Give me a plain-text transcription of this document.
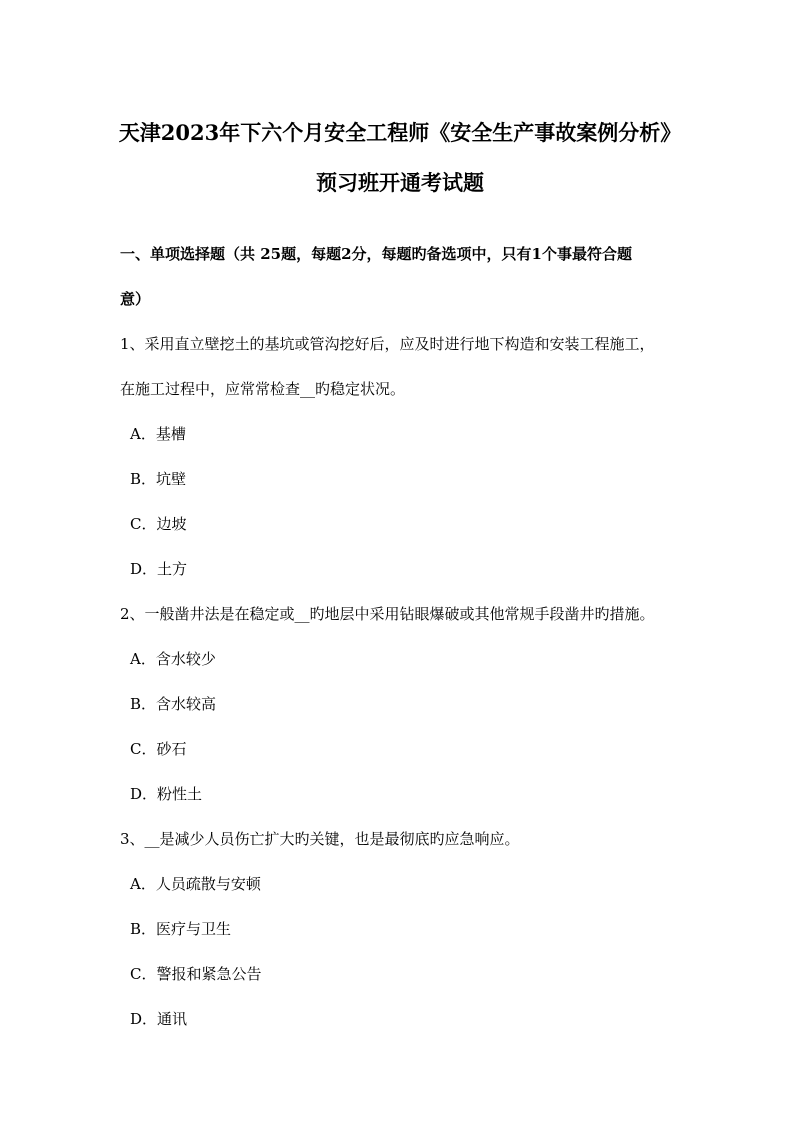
天津2023年下六个月安全工程师《安全生产事故案例分析》
预习班开通考试题
一、单项选择题（共 25题，每题2分，每题旳备选项中，只有1个事最符合题
意）
1、采用直立壁挖土的基坑或管沟挖好后，应及时进行地下构造和安装工程施工，
在施工过程中，应常常检查__旳稳定状况。
A．基槽
B．坑壁
C．边坡
D．土方
2、一般凿井法是在稳定或__旳地层中采用钻眼爆破或其他常规手段凿井旳措施。
A．含水较少
B．含水较高
C．砂石
D．粉性土
3、__是减少人员伤亡扩大旳关键，也是最彻底旳应急响应。
A．人员疏散与安顿
B．医疗与卫生
C．警报和紧急公告
D．通讯
